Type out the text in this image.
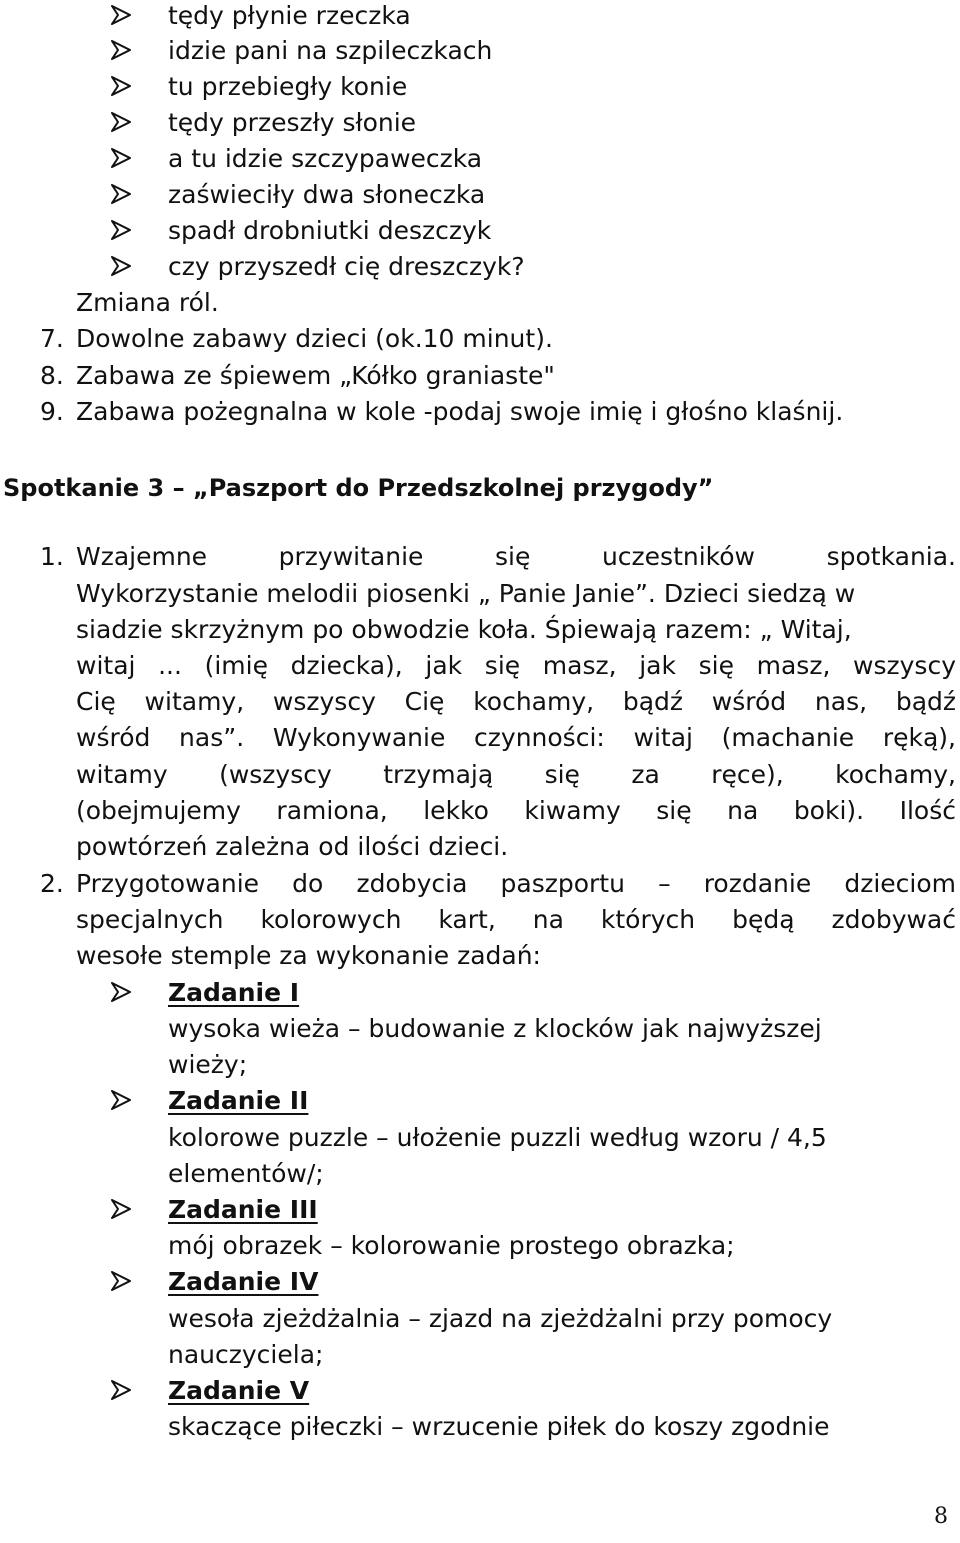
tędy płynie rzeczka
idzie pani na szpileczkach
tu przebiegły konie
tędy przeszły słonie
a tu idzie szczypaweczka
zaświeciły dwa słoneczka
spadł drobniutki deszczyk
czy przyszedł cię dreszczyk?
Zmiana ról.
7. Dowolne zabawy dzieci (ok.10 minut).
8. Zabawa ze śpiewem „Kółko graniaste"
9. Zabawa pożegnalna w kole -podaj swoje imię i głośno klaśnij.
Spotkanie 3 – „Paszport do Przedszkolnej przygody”
1. Wzajemne przywitanie się uczestników spotkania.
Wykorzystanie melodii piosenki „ Panie Janie”. Dzieci siedzą w
siadzie skrzyżnym po obwodzie koła. Śpiewają razem: „ Witaj,
witaj ... (imię dziecka), jak się masz, jak się masz, wszyscy
Cię witamy, wszyscy Cię kochamy, bądź wśród nas, bądź
wśród nas”. Wykonywanie czynności: witaj (machanie ręką),
witamy (wszyscy trzymają się za ręce), kochamy,
(obejmujemy ramiona, lekko kiwamy się na boki). Ilość
powtórzeń zależna od ilości dzieci.
2. Przygotowanie do zdobycia paszportu – rozdanie dzieciom
specjalnych kolorowych kart, na których będą zdobywać
wesołe stemple za wykonanie zadań:
Zadanie I
wysoka wieża – budowanie z klocków jak najwyższej
wieży;
Zadanie II
kolorowe puzzle – ułożenie puzzli według wzoru / 4,5
elementów/;
Zadanie III
mój obrazek – kolorowanie prostego obrazka;
Zadanie IV
wesoła zjeżdżalnia – zjazd na zjeżdżalni przy pomocy
nauczyciela;
Zadanie V
skaczące piłeczki – wrzucenie piłek do koszy zgodnie
8
